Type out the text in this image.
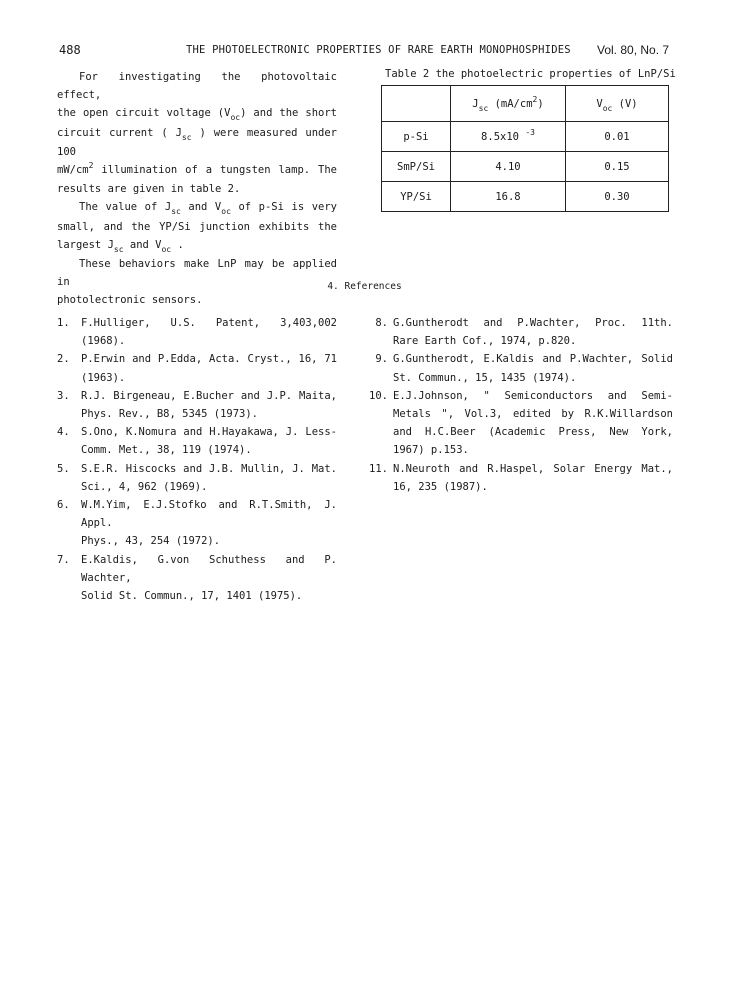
488	THE PHOTOELECTRONIC PROPERTIES OF RARE EARTH MONOPHOSPHIDES Vol. 80, No. 7

For investigating the photovoltaic effect,

the open circuit voltage $(V_{oc})$ and the short

circuit current ( $J_{sc}$ ) were measured under 100

$mW/cm^2$ illumination of a tungsten lamp. The

results are given in table 2.

The value of $J_{sc}$ and $V_{oc}$ of p-Si is very

small, and the YP/Si junction exhibits the

largest $J_{sc}$ and $V_{oc}$ .

These behaviors make LnP may be applied in

photolectronic sensors.

Table 2 the photoelectric properties of LnP/Si
	$J_{sc}$ $(mA/cm^2)$	$V_{oc}$ (V)
p-Si	8.5x10 $^{-3}$	0.01
SmP/Si	4.10	0.15
YP/Si	16.8	0.30
4. References
1.	F.Hulliger, U.S. Patent, 3,403,002 (1968).
2.	P.Erwin and P.Edda, Acta. Cryst., 16, 71
(1963).
3.	R.J. Birgeneau, E.Bucher and J.P. Maita,
Phys. Rev., B8, 5345 (1973).
4.	S.Ono, K.Nomura and H.Hayakawa, J. Less-
Comm. Met., 38, 119 (1974).
5.	S.E.R. Hiscocks and J.B. Mullin, J. Mat.
Sci., 4, 962 (1969).
6.	W.M.Yim, E.J.Stofko and R.T.Smith, J. Appl.
Phys., 43, 254 (1972).
7.	E.Kaldis, G.von Schuthess and P. Wachter,
Solid St. Commun., 17, 1401 (1975).
8. G.Guntherodt and P.Wachter, Proc. 11th.
Rare Earth Cof., 1974, p.820.
9. G.Guntherodt, E.Kaldis and P.Wachter, Solid
St. Commun., 15, 1435 (1974).
10. E.J.Johnson, " Semiconductors and Semi-
Metals ", Vol.3, edited by R.K.Willardson
and H.C.Beer (Academic Press, New York,
1967) p.153.
11. N.Neuroth and R.Haspel, Solar Energy Mat.,
16, 235 (1987).
